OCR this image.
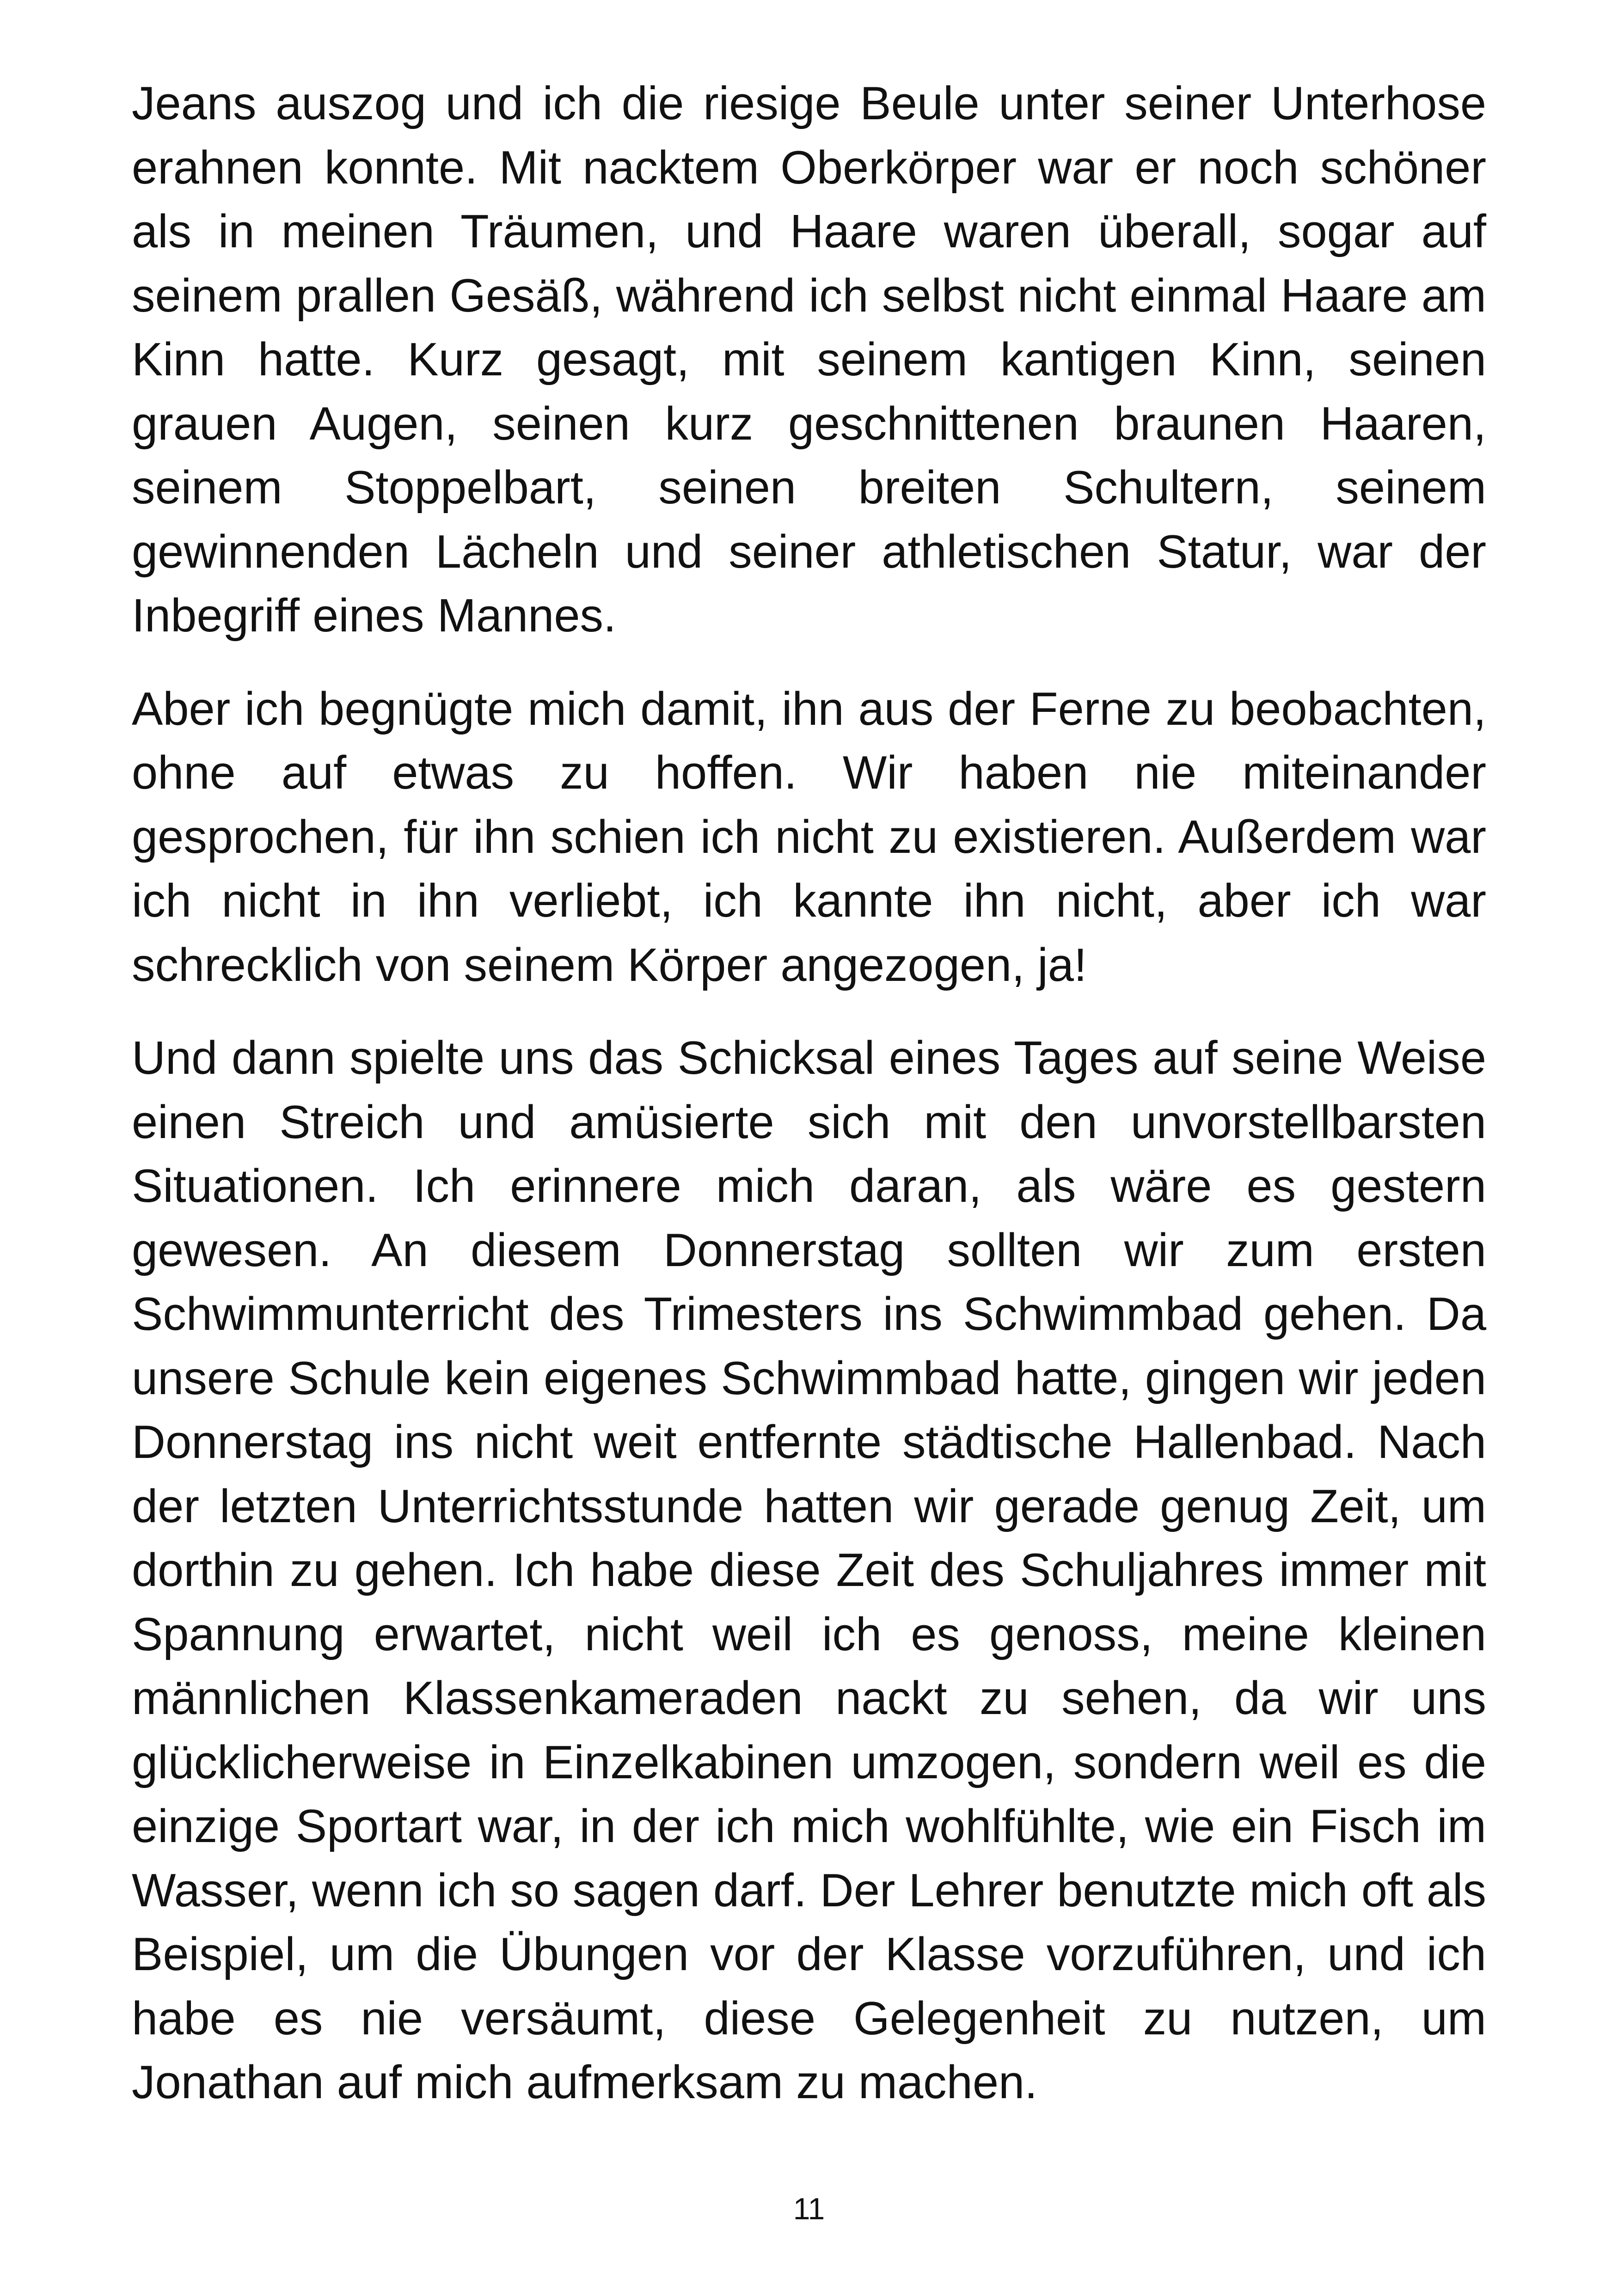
Jeans auszog und ich die riesige Beule unter seiner Unterhose erahnen konnte. Mit nacktem Oberkörper war er noch schöner als in meinen Träumen, und Haare waren überall, sogar auf seinem prallen Gesäß, während ich selbst nicht einmal Haare am Kinn hatte. Kurz gesagt, mit seinem kantigen Kinn, seinen grauen Augen, seinen kurz geschnittenen braunen Haaren, seinem Stoppelbart, seinen breiten Schultern, seinem gewinnenden Lächeln und seiner athletischen Statur, war der Inbegriff eines Mannes.

Aber ich begnügte mich damit, ihn aus der Ferne zu beobachten, ohne auf etwas zu hoffen. Wir haben nie miteinander gesprochen, für ihn schien ich nicht zu existieren. Außerdem war ich nicht in ihn verliebt, ich kannte ihn nicht, aber ich war schrecklich von seinem Körper angezogen, ja!

Und dann spielte uns das Schicksal eines Tages auf seine Weise einen Streich und amüsierte sich mit den unvorstellbarsten Situationen. Ich erinnere mich daran, als wäre es gestern gewesen. An diesem Donnerstag sollten wir zum ersten Schwimmunterricht des Trimesters ins Schwimmbad gehen. Da unsere Schule kein eigenes Schwimmbad hatte, gingen wir jeden Donnerstag ins nicht weit entfernte städtische Hallenbad. Nach der letzten Unterrichtsstunde hatten wir gerade genug Zeit, um dorthin zu gehen. Ich habe diese Zeit des Schuljahres immer mit Spannung erwartet, nicht weil ich es genoss, meine kleinen männlichen Klassenkameraden nackt zu sehen, da wir uns glücklicherweise in Einzelkabinen umzogen, sondern weil es die einzige Sportart war, in der ich mich wohlfühlte, wie ein Fisch im Wasser, wenn ich so sagen darf. Der Lehrer benutzte mich oft als Beispiel, um die Übungen vor der Klasse vorzuführen, und ich habe es nie versäumt, diese Gelegenheit zu nutzen, um Jonathan auf mich aufmerksam zu machen.

11
